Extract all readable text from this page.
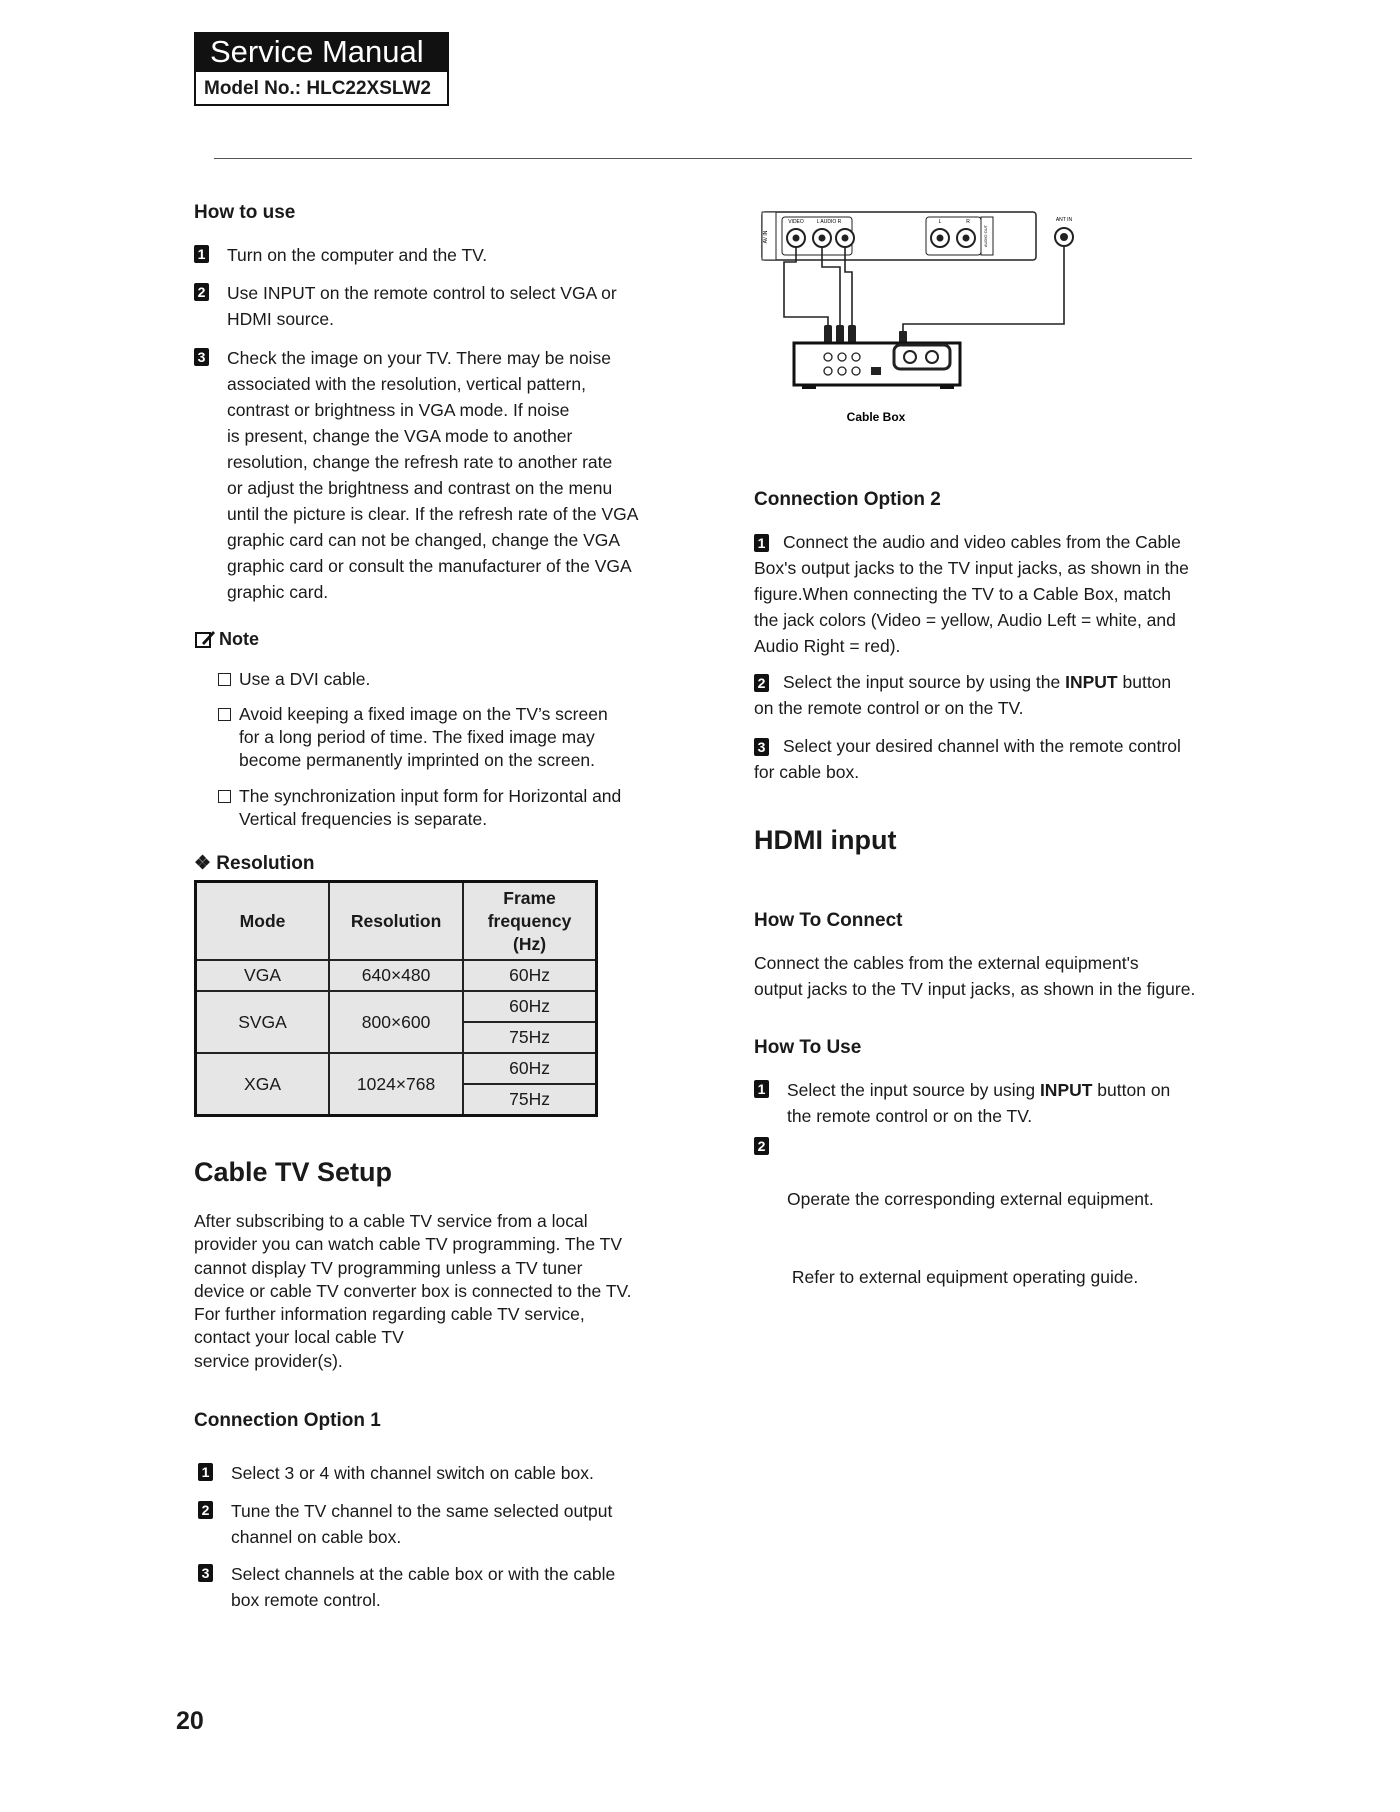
Service Manual
Model No.: HLC22XSLW2
How to use
1 Turn on the computer and the TV.
2 Use INPUT on the remote control to select VGA or
HDMI source.
3 Check the image on your TV. There may be noise
associated with the resolution, vertical pattern,
contrast or brightness in VGA mode. If noise
is present, change the VGA mode to another
resolution, change the refresh rate to another rate
or adjust the brightness and contrast on the menu
until the picture is clear. If the refresh rate of the VGA
graphic card can not be changed, change the VGA
graphic card or consult the manufacturer of the VGA
graphic card.
Note
Use a DVI cable.
Avoid keeping a fixed image on the TV’s screen
for a long period of time. The fixed image may
become permanently imprinted on the screen.
The synchronization input form for Horizontal and
Vertical frequencies is separate.
❖ Resolution
Mode	Resolution	Frame
frequency
(Hz)

VGA	640×480	60Hz
SVGA	800×600	60Hz
		75Hz
XGA	1024×768	60Hz
		75Hz
Cable TV Setup
After subscribing to a cable TV service from a local
provider you can watch cable TV programming. The TV
cannot display TV programming unless a TV tuner
device or cable TV converter box is connected to the TV.
For further information regarding cable TV service,
contact your local cable TV
service provider(s).
Connection Option 1
1 Select 3 or 4 with channel switch on cable box.
2 Tune the TV channel to the same selected output
channel on cable box.
3 Select channels at the cable box or with the cable
box remote control.
20
AV IN
VIDEO	L AUDIO R	L	R
AUDIO OUT
ANT IN
Cable Box
Connection Option 2
1 Connect the audio and video cables from the Cable
Box's output jacks to the TV input jacks, as shown in the
figure.When connecting the TV to a Cable Box, match
the jack colors (Video = yellow, Audio Left = white, and
Audio Right = red).
2 Select the input source by using the INPUT button
on the remote control or on the TV.
3 Select your desired channel with the remote control
for cable box.
HDMI input
How To Connect
Connect the cables from the external equipment's
output jacks to the TV input jacks, as shown in the figure.
How To Use
1 Select the input source by using INPUT button on
the remote control or on the TV.
2

Operate the corresponding external equipment.

Refer to external equipment operating guide.
